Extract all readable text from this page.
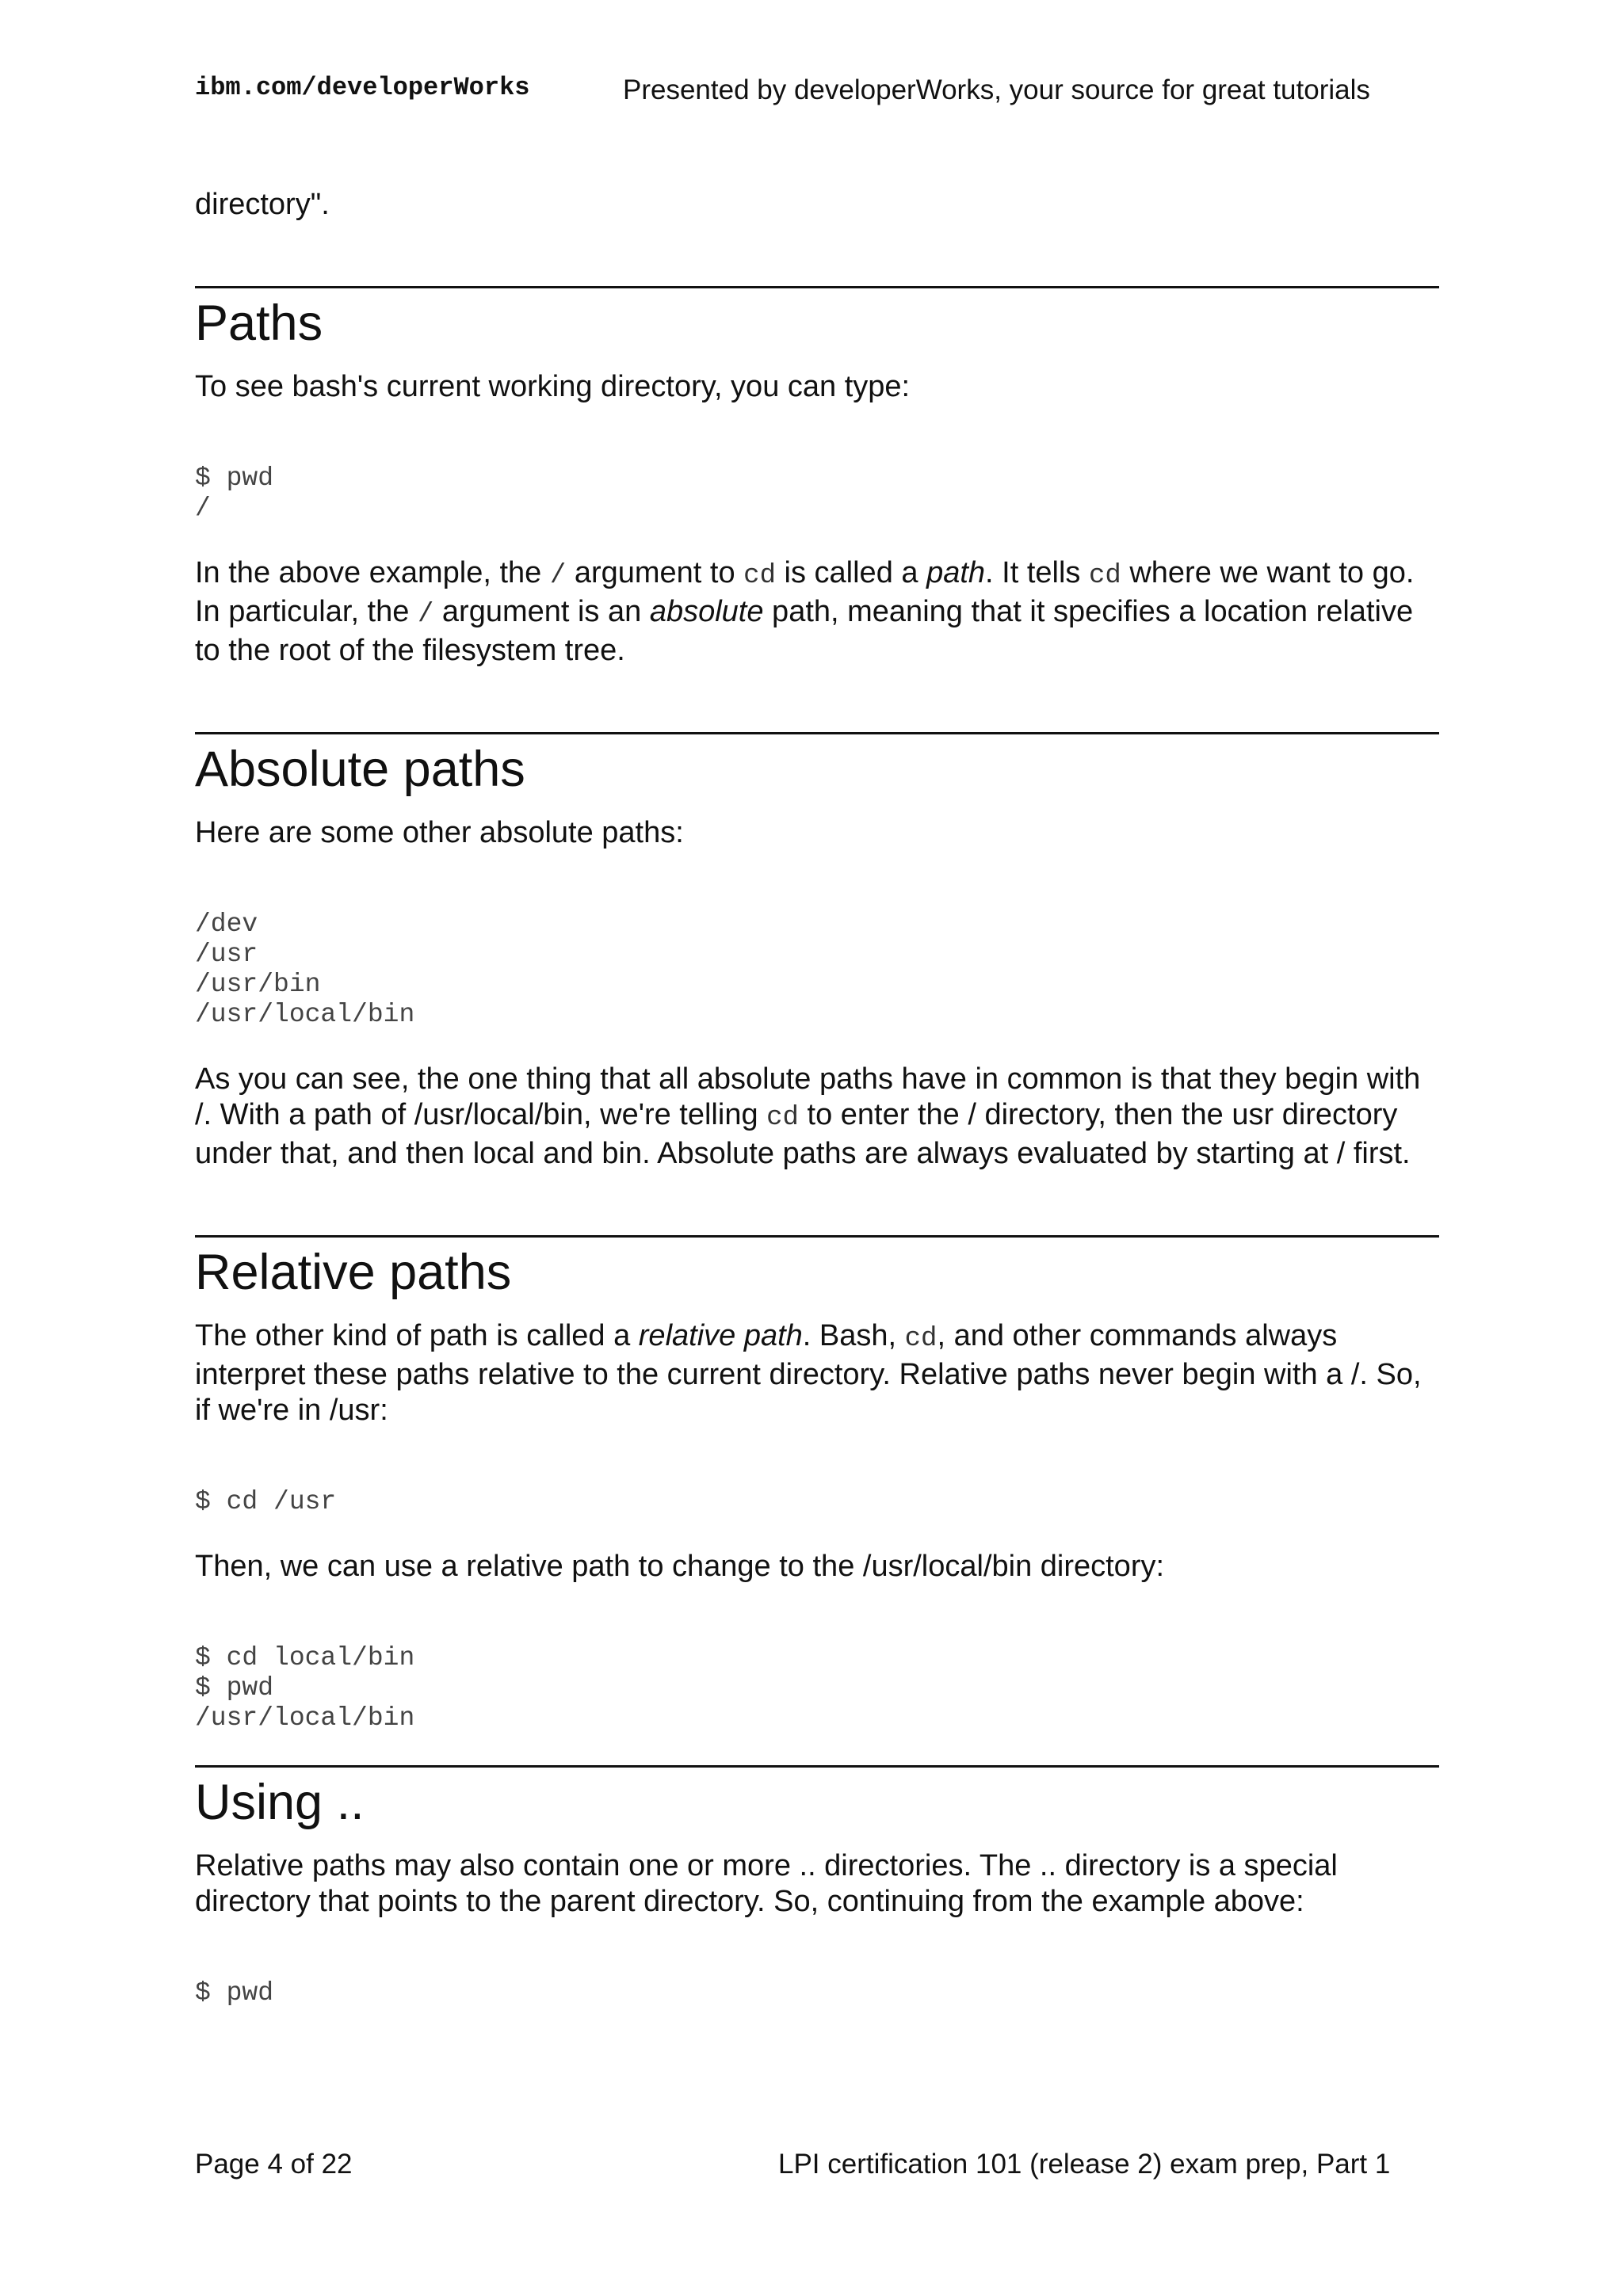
ibm.com/developerWorks	Presented by developerWorks, your source for great tutorials

directory".

Paths

To see bash's current working directory, you can type:

$ pwd
/

In the above example, the / argument to cd is called a path. It tells cd where we want to go. In particular, the / argument is an absolute path, meaning that it specifies a location relative to the root of the filesystem tree.

Absolute paths

Here are some other absolute paths:

/dev
/usr
/usr/bin
/usr/local/bin

As you can see, the one thing that all absolute paths have in common is that they begin with /. With a path of /usr/local/bin, we're telling cd to enter the / directory, then the usr directory under that, and then local and bin. Absolute paths are always evaluated by starting at / first.

Relative paths

The other kind of path is called a relative path. Bash, cd, and other commands always interpret these paths relative to the current directory. Relative paths never begin with a /. So, if we're in /usr:

$ cd /usr

Then, we can use a relative path to change to the /usr/local/bin directory:

$ cd local/bin
$ pwd
/usr/local/bin
Using ..

Relative paths may also contain one or more .. directories. The .. directory is a special directory that points to the parent directory. So, continuing from the example above:

$ pwd
Page 4 of 22	LPI certification 101 (release 2) exam prep, Part 1
